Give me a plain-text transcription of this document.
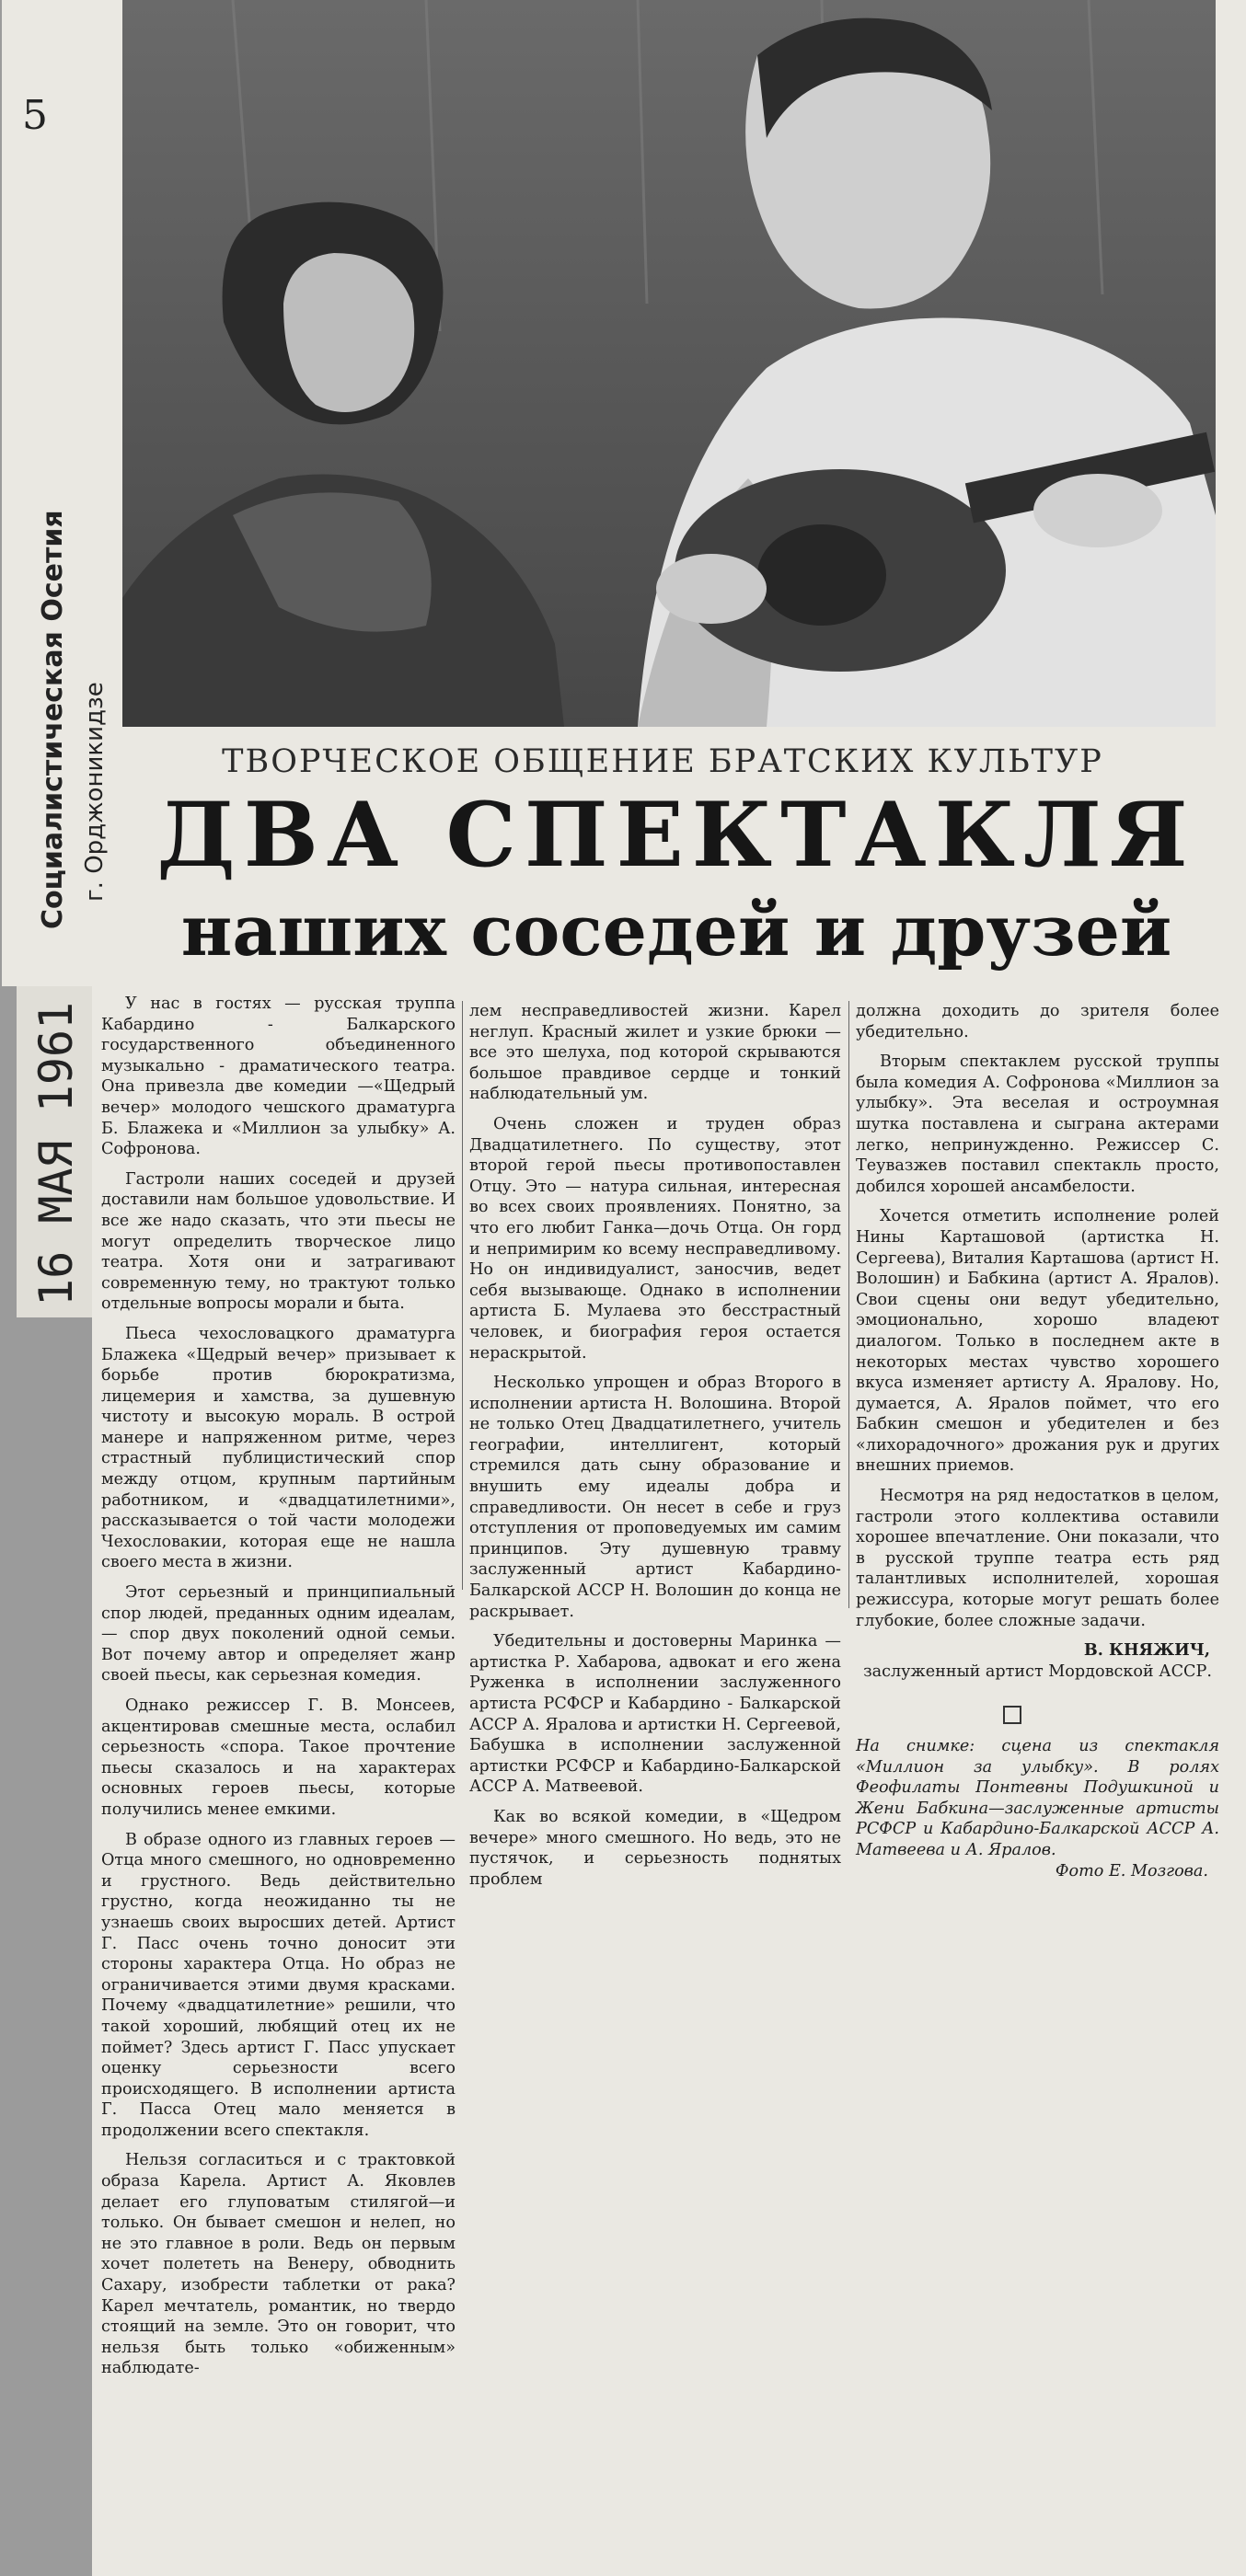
5
Социалистическая Осетия г. Орджоникидзе
16 МАЯ 1961
ТВОРЧЕСКОЕ ОБЩЕНИЕ БРАТСКИХ КУЛЬТУР
ДВА СПЕКТАКЛЯ
наших соседей и друзей

У нас в гостях — русская труппа Кабардино - Балкарского государственного объединенного музыкально - драматического театра. Она привезла две комедии —«Щедрый вечер» молодого чешского драматурга Б. Блажека и «Миллион за улыбку» А. Софронова.

Гастроли наших соседей и друзей доставили нам большое удовольствие. И все же надо сказать, что эти пьесы не могут определить творческое лицо театра. Хотя они и затрагивают современную тему, но трактуют только отдельные вопросы морали и быта.

Пьеса чехословацкого драматурга Блажека «Щедрый вечер» призывает к борьбе против бюрократизма, лицемерия и хамства, за душевную чистоту и высокую мораль. В острой манере и напряженном ритме, через страстный публицистический спор между отцом, крупным партийным работником, и «двадцатилетними», рассказывается о той части молодежи Чехословакии, которая еще не нашла своего места в жизни.

Этот серьезный и принципиальный спор людей, преданных одним идеалам, — спор двух поколений одной семьи. Вот почему автор и определяет жанр своей пьесы, как серьезная комедия.

Однако режиссер Г. В. Монсеев, акцентировав смешные места, ослабил серьезность «спора. Такое прочтение пьесы сказалось и на характерах основных героев пьесы, которые получились менее емкими.

В образе одного из главных героев — Отца много смешного, но одновременно и грустного. Ведь действительно грустно, когда неожиданно ты не узнаешь своих выросших детей. Артист Г. Пасс очень точно доносит эти стороны характера Отца. Но образ не ограничивается этими двумя красками. Почему «двадцатилетние» решили, что такой хороший, любящий отец их не поймет? Здесь артист Г. Пасс упускает оценку серьезности всего происходящего. В исполнении артиста Г. Пасса Отец мало меняется в продолжении всего спектакля.

Нельзя согласиться и с трактовкой образа Карела. Артист А. Яковлев делает его глуповатым стилягой—и только. Он бывает смешон и нелеп, но не это главное в роли. Ведь он первым хочет полететь на Венеру, обводнить Сахару, изобрести таблетки от рака? Карел мечтатель, романтик, но твердо стоящий на земле. Это он говорит, что нельзя быть только «обиженным» наблюдате-

лем несправедливостей жизни. Карел неглуп. Красный жилет и узкие брюки — все это шелуха, под которой скрываются большое правдивое сердце и тонкий наблюдательный ум.

Очень сложен и труден образ Двадцатилетнего. По существу, этот второй герой пьесы противопоставлен Отцу. Это — натура сильная, интересная во всех своих проявлениях. Понятно, за что его любит Ганка—дочь Отца. Он горд и непримирим ко всему несправедливому. Но он индивидуалист, заносчив, ведет себя вызывающе. Однако в исполнении артиста Б. Мулаева это бесстрастный человек, и биография героя остается нераскрытой.

Несколько упрощен и образ Второго в исполнении артиста Н. Волошина. Второй не только Отец Двадцатилетнего, учитель географии, интеллигент, который стремился дать сыну образование и внушить ему идеалы добра и справедливости. Он несет в себе и груз отступления от проповедуемых им самим принципов. Эту душевную травму заслуженный артист Кабардино-Балкарской АССР Н. Волошин до конца не раскрывает.

Убедительны и достоверны Маринка — артистка Р. Хабарова, адвокат и его жена Руженка в исполнении заслуженного артиста РСФСР и Кабардино - Балкарской АССР А. Яралова и артистки Н. Сергеевой, Бабушка в исполнении заслуженной артистки РСФСР и Кабардино-Балкарской АССР А. Матвеевой.

Как во всякой комедии, в «Щедром вечере» много смешного. Но ведь, это не пустячок, и серьезность поднятых проблем

должна доходить до зрителя более убедительно.

Вторым спектаклем русской труппы была комедия А. Софронова «Миллион за улыбку». Эта веселая и остроумная шутка поставлена и сыграна актерами легко, непринужденно. Режиссер С. Теувазжев поставил спектакль просто, добился хорошей ансамбелости.

Хочется отметить исполнение ролей Нины Карташовой (артистка Н. Сергеева), Виталия Карташова (артист Н. Волошин) и Бабкина (артист А. Яралов). Свои сцены они ведут убедительно, эмоционально, хорошо владеют диалогом. Только в последнем акте в некоторых местах чувство хорошего вкуса изменяет артисту А. Яралову. Но, думается, А. Яралов поймет, что его Бабкин смешон и убедителен и без «лихорадочного» дрожания рук и других внешних приемов.

Несмотря на ряд недостатков в целом, гастроли этого коллектива оставили хорошее впечатление. Они показали, что в русской труппе театра есть ряд талантливых исполнителей, хорошая режиссура, которые могут решать более глубокие, более сложные задачи.

В. КНЯЖИЧ,
заслуженный артист Мордовской АССР.
На снимке: сцена из спектакля «Миллион за улыбку». В ролях Феофилаты Понтевны Подушкиной и Жени Бабкина—заслуженные артисты РСФСР и Кабардино-Балкарской АССР А. Матвеева и А. Яралов.
Фото Е. Мозгова.
